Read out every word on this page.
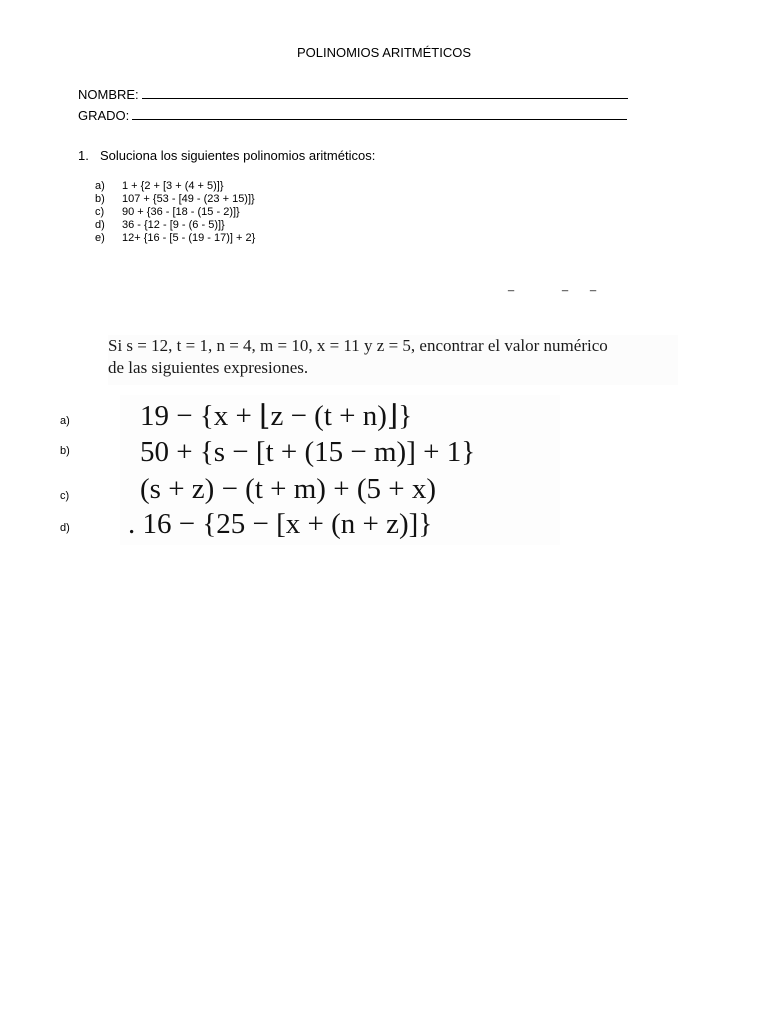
POLINOMIOS ARITMÉTICOS
NOMBRE:
GRADO:
1. Soluciona los siguientes polinomios aritméticos:
a)	1 + {2 + [3 + (4 + 5)]}
b)	107 + {53 - [49 - (23 + 15)]}
c)	90 + {36 - [18 - (15 - 2)]}
d)	36 - {12 - [9 - (6 - 5)]}
e)	12+ {16 - [5 - (19 - 17)] + 2}
_	_ _
Si s = 12, t = 1, n = 4, m = 10, x = 11 y z = 5, encontrar el valor numérico
de las siguientes expresiones.
a) 19 − {x + ⌊z − (t + n)⌋}
b) 50 + {s − [t + (15 − m)] + 1}
c) (s + z) − (t + m) + (5 + x)
d) . 16 − {25 − [x + (n + z)]}
